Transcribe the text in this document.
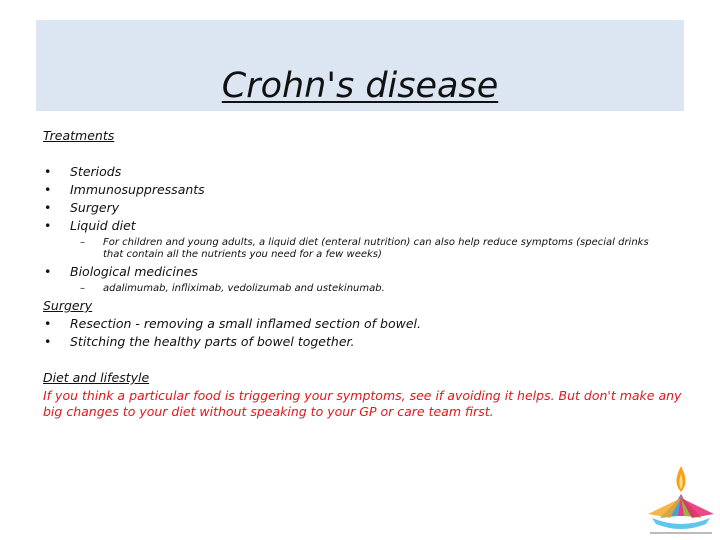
Crohn's disease
Treatments
• Steriods
• Immunosuppressants
• Surgery
• Liquid diet
– For children and young adults, a liquid diet (enteral nutrition) can also help reduce symptoms (special drinks
that contain all the nutrients you need for a few weeks)
• Biological medicines
– adalimumab, infliximab, vedolizumab and ustekinumab.
Surgery
• Resection - removing a small inflamed section of bowel.
• Stitching the healthy parts of bowel together.
Diet and lifestyle
If you think a particular food is triggering your symptoms, see if avoiding it helps. But don't make any big changes to your diet without speaking to your GP or care team first.
